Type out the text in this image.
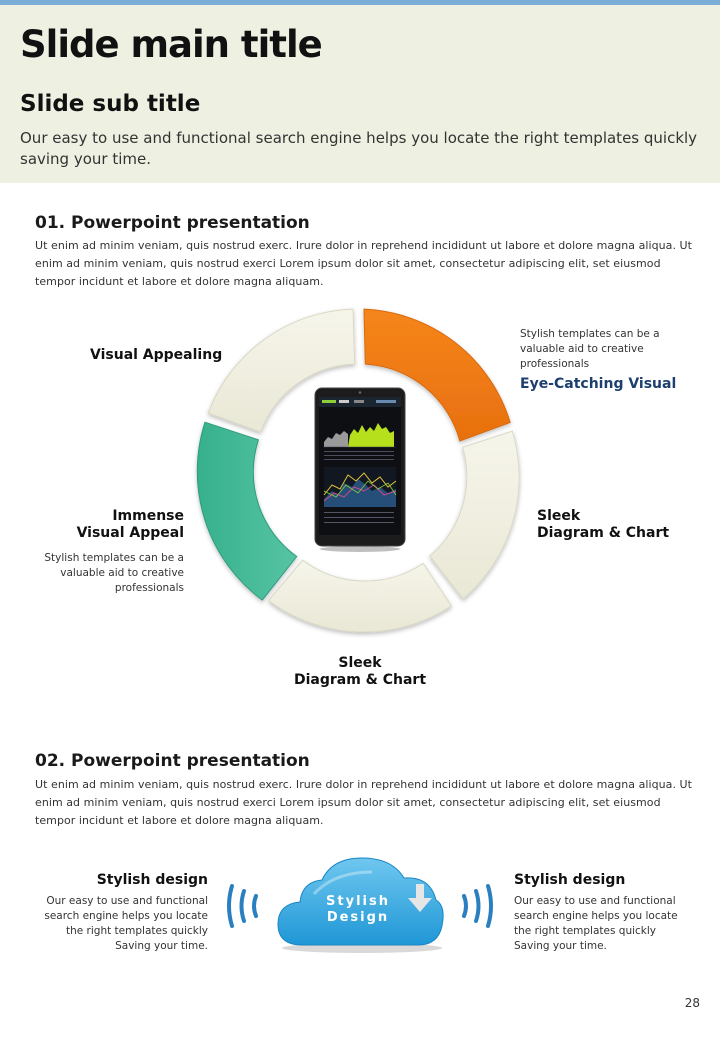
Slide main title
Slide sub title
Our easy to use and functional search engine helps you locate the right templates quickly saving your time.
01. Powerpoint presentation
Ut enim ad minim veniam, quis nostrud exerc. Irure dolor in reprehend incididunt ut labore et dolore magna aliqua. Ut enim ad minim veniam, quis nostrud exerci Lorem ipsum dolor sit amet, consectetur adipiscing elit, set eiusmod tempor incidunt et labore et dolore magna aliquam.
Visual Appealing
Stylish templates can be a valuable aid to creative professionals
Eye-Catching Visual
Immense
Visual Appeal
Stylish templates can be a valuable aid to creative professionals
Sleek
Diagram & Chart
Sleek
Diagram & Chart
02. Powerpoint presentation
Ut enim ad minim veniam, quis nostrud exerc. Irure dolor in reprehend incididunt ut labore et dolore magna aliqua. Ut enim ad minim veniam, quis nostrud exerci Lorem ipsum dolor sit amet, consectetur adipiscing elit, set eiusmod tempor incidunt et labore et dolore magna aliquam.
Stylish design
Our easy to use and functional search engine helps you locate the right templates quickly Saving your time.
Stylish
Design
Stylish design
Our easy to use and functional search engine helps you locate the right templates quickly Saving your time.
28
